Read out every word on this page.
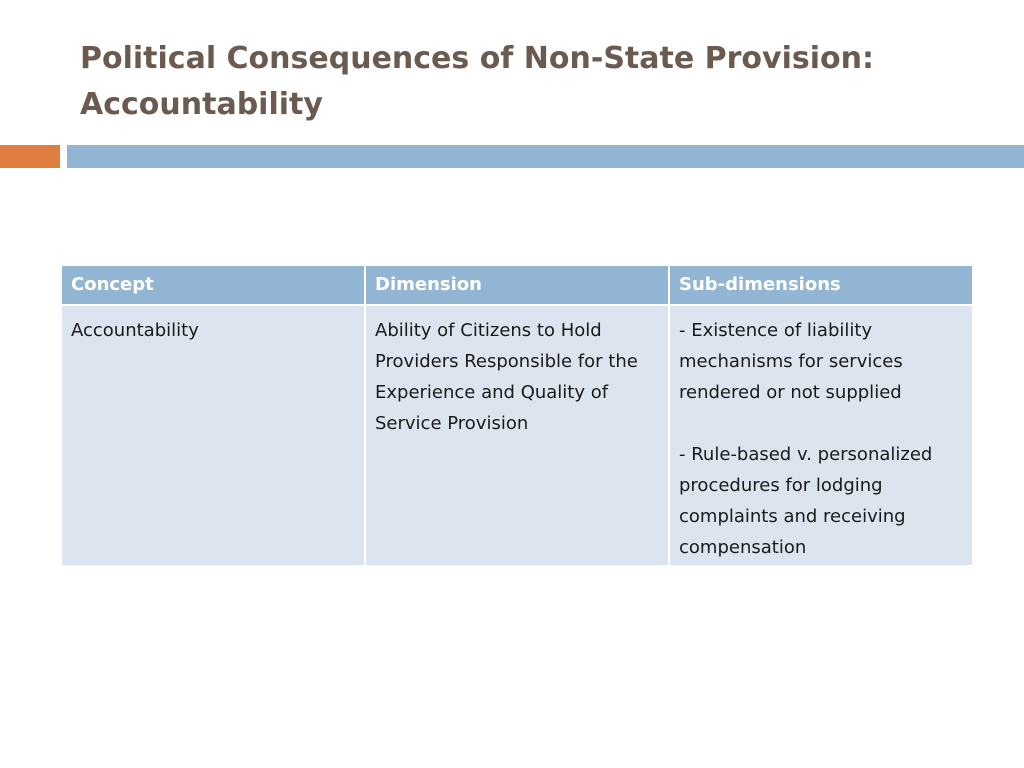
Political Consequences of Non-State Provision:
Accountability
Concept	Dimension	Sub-dimensions
Accountability	Ability of Citizens to Hold Providers Responsible for the Experience and Quality of Service Provision	- Existence of liability mechanisms for services rendered or not supplied

- Rule-based v. personalized procedures for lodging complaints and receiving compensation
